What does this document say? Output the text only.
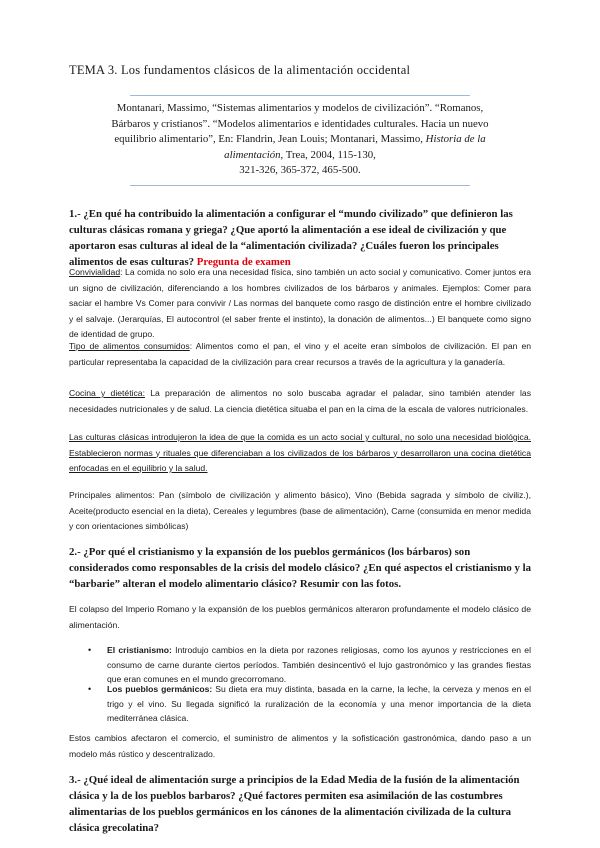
TEMA 3. Los fundamentos clásicos de la alimentación occidental
Montanari, Massimo, “Sistemas alimentarios y modelos de civilización”. “Romanos, Bárbaros y cristianos”. “Modelos alimentarios e identidades culturales. Hacia un nuevo equilibrio alimentario”, En: Flandrin, Jean Louis; Montanari, Massimo, Historia de la alimentación, Trea, 2004, 115-130,
321-326, 365-372, 465-500.
1.- ¿En qué ha contribuido la alimentación a configurar el “mundo civilizado” que definieron las culturas clásicas romana y griega? ¿Que aportó la alimentación a ese ideal de civilización y que aportaron esas culturas al ideal de la “alimentación civilizada? ¿Cuáles fueron los principales alimentos de esas culturas? Pregunta de examen
Convivialidad: La comida no solo era una necesidad física, sino también un acto social y comunicativo. Comer juntos era un signo de civilización, diferenciando a los hombres civilizados de los bárbaros y animales. Ejemplos: Comer para saciar el hambre Vs Comer para convivir / Las normas del banquete como rasgo de distinción entre el hombre civilizado y el salvaje. (Jerarquías, El autocontrol (el saber frente el instinto), la donación de alimentos...) El banquete como signo de identidad de grupo.
Tipo de alimentos consumidos: Alimentos como el pan, el vino y el aceite eran símbolos de civilización. El pan en particular representaba la capacidad de la civilización para crear recursos a través de la agricultura y la ganadería.
Cocina y dietética: La preparación de alimentos no solo buscaba agradar el paladar, sino también atender las necesidades nutricionales y de salud. La ciencia dietética situaba el pan en la cima de la escala de valores nutricionales.
Las culturas clásicas introdujeron la idea de que la comida es un acto social y cultural, no solo una necesidad biológica. Establecieron normas y rituales que diferenciaban a los civilizados de los bárbaros y desarrollaron una cocina dietética enfocadas en el equilibrio y la salud.
Principales alimentos: Pan (símbolo de civilización y alimento básico), Vino (Bebida sagrada y símbolo de civiliz.), Aceite(producto esencial en la dieta), Cereales y legumbres (base de alimentación), Carne (consumida en menor medida y con orientaciones simbólicas)
2.- ¿Por qué el cristianismo y la expansión de los pueblos germánicos (los bárbaros) son considerados como responsables de la crisis del modelo clásico? ¿En qué aspectos el cristianismo y la “barbarie” alteran el modelo alimentario clásico? Resumir con las fotos.
El colapso del Imperio Romano y la expansión de los pueblos germánicos alteraron profundamente el modelo clásico de alimentación.
• El cristianismo: Introdujo cambios en la dieta por razones religiosas, como los ayunos y restricciones en el consumo de carne durante ciertos períodos. También desincentivó el lujo gastronómico y las grandes fiestas que eran comunes en el mundo grecorromano.
• Los pueblos germánicos: Su dieta era muy distinta, basada en la carne, la leche, la cerveza y menos en el trigo y el vino. Su llegada significó la ruralización de la economía y una menor importancia de la dieta mediterránea clásica.
Estos cambios afectaron el comercio, el suministro de alimentos y la sofisticación gastronómica, dando paso a un modelo más rústico y descentralizado.
3.- ¿Qué ideal de alimentación surge a principios de la Edad Media de la fusión de la alimentación clásica y la de los pueblos barbaros? ¿Qué factores permiten esa asimilación de las costumbres alimentarias de los pueblos germánicos en los cánones de la alimentación civilizada de la cultura clásica grecolatina?
